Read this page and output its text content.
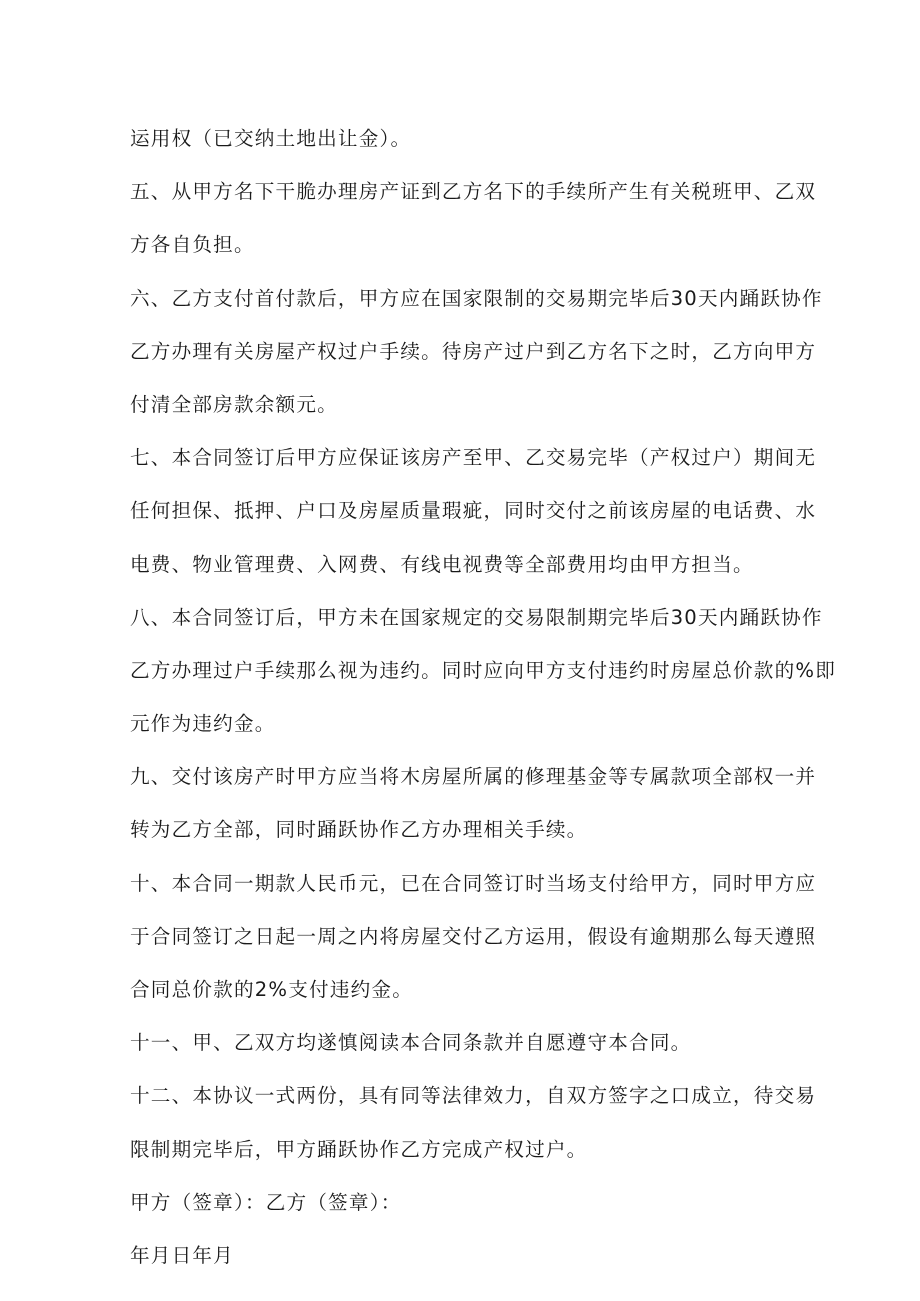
运用权（已交纳土地出让金）。

五、从甲方名下干脆办理房产证到乙方名下的手续所产生有关税班甲、乙双
方各自负担。

六、乙方支付首付款后，甲方应在国家限制的交易期完毕后30天内踊跃协作
乙方办理有关房屋产权过户手续。待房产过户到乙方名下之时，乙方向甲方
付清全部房款余额元。

七、本合同签订后甲方应保证该房产至甲、乙交易完毕（产权过户）期间无
任何担保、抵押、户口及房屋质量瑕疵，同时交付之前该房屋的电话费、水
电费、物业管理费、入网费、有线电视费等全部费用均由甲方担当。

八、本合同签订后，甲方未在国家规定的交易限制期完毕后30天内踊跃协作
乙方办理过户手续那么视为违约。同时应向甲方支付违约时房屋总价款的%即
元作为违约金。

九、交付该房产时甲方应当将木房屋所属的修理基金等专属款项全部权一并
转为乙方全部，同时踊跃协作乙方办理相关手续。

十、本合同一期款人民币元，已在合同签订时当场支付给甲方，同时甲方应
于合同签订之日起一周之内将房屋交付乙方运用，假设有逾期那么每天遵照
合同总价款的2%支付违约金。

十一、甲、乙双方均遂慎阅读本合同条款并自愿遵守本合同。

十二、本协议一式两份，具有同等法律效力，自双方签字之口成立，待交易
限制期完毕后，甲方踊跃协作乙方完成产权过户。

甲方（签章）：乙方（签章）：

年月日年月
